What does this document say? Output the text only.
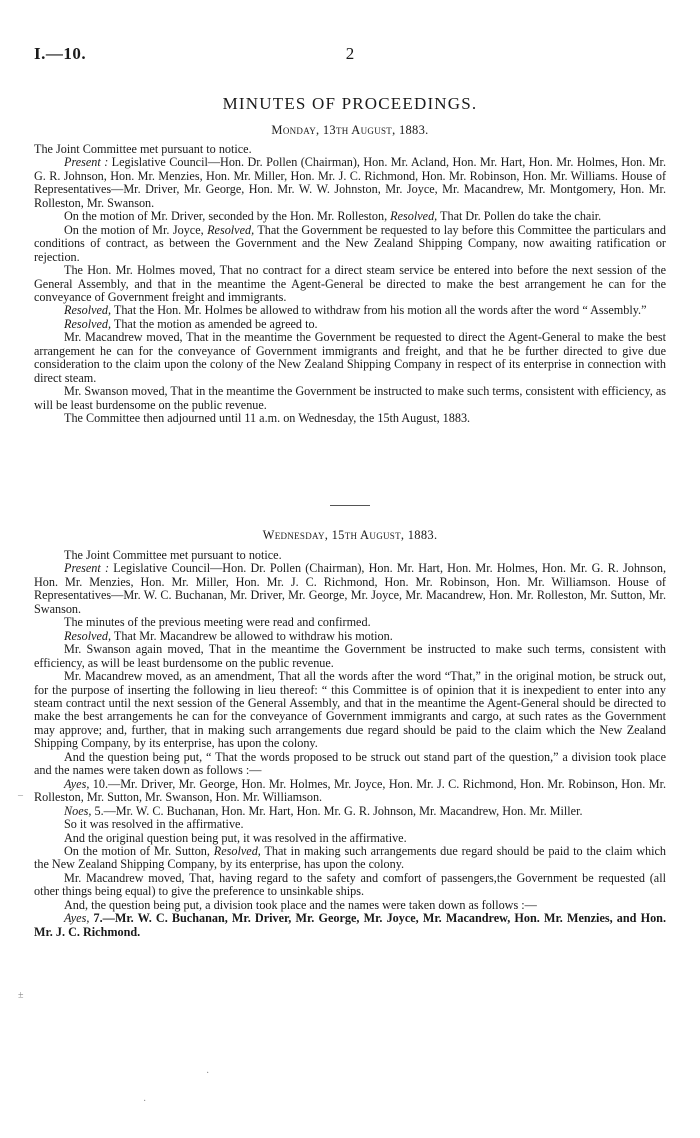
I.—10.	2
MINUTES OF PROCEEDINGS.
Monday, 13th August, 1883.

The Joint Committee met pursuant to notice.

Present : Legislative Council—Hon. Dr. Pollen (Chairman), Hon. Mr. Acland, Hon. Mr. Hart, Hon. Mr. Holmes, Hon. Mr. G. R. Johnson, Hon. Mr. Menzies, Hon. Mr. Miller, Hon. Mr. J. C. Richmond, Hon. Mr. Robinson, Hon. Mr. Williams. House of Representatives—Mr. Driver, Mr. George, Hon. Mr. W. W. Johnston, Mr. Joyce, Mr. Macandrew, Mr. Montgomery, Hon. Mr. Rolleston, Mr. Swanson.

On the motion of Mr. Driver, seconded by the Hon. Mr. Rolleston, Resolved, That Dr. Pollen do take the chair.

On the motion of Mr. Joyce, Resolved, That the Government be requested to lay before this Committee the particulars and conditions of contract, as between the Government and the New Zealand Shipping Company, now awaiting ratification or rejection.

The Hon. Mr. Holmes moved, That no contract for a direct steam service be entered into before the next session of the General Assembly, and that in the meantime the Agent-General be directed to make the best arrangement he can for the conveyance of Government freight and immigrants.

Resolved, That the Hon. Mr. Holmes be allowed to withdraw from his motion all the words after the word “ Assembly.”

Resolved, That the motion as amended be agreed to.

Mr. Macandrew moved, That in the meantime the Government be requested to direct the Agent-General to make the best arrangement he can for the conveyance of Government immigrants and freight, and that he be further directed to give due consideration to the claim upon the colony of the New Zealand Shipping Company in respect of its enterprise in connection with direct steam.

Mr. Swanson moved, That in the meantime the Government be instructed to make such terms, consistent with efficiency, as will be least burdensome on the public revenue.

The Committee then adjourned until 11 a.m. on Wednesday, the 15th August, 1883.

Wednesday, 15th August, 1883.

The Joint Committee met pursuant to notice.

Present : Legislative Council—Hon. Dr. Pollen (Chairman), Hon. Mr. Hart, Hon. Mr. Holmes, Hon. Mr. G. R. Johnson, Hon. Mr. Menzies, Hon. Mr. Miller, Hon. Mr. J. C. Richmond, Hon. Mr. Robinson, Hon. Mr. Williamson. House of Representatives—Mr. W. C. Buchanan, Mr. Driver, Mr. George, Mr. Joyce, Mr. Macandrew, Hon. Mr. Rolleston, Mr. Sutton, Mr. Swanson.

The minutes of the previous meeting were read and confirmed.

Resolved, That Mr. Macandrew be allowed to withdraw his motion.

Mr. Swanson again moved, That in the meantime the Government be instructed to make such terms, consistent with efficiency, as will be least burdensome on the public revenue.

Mr. Macandrew moved, as an amendment, That all the words after the word “That,” in the original motion, be struck out, for the purpose of inserting the following in lieu thereof: “ this Committee is of opinion that it is inexpedient to enter into any steam contract until the next session of the General Assembly, and that in the meantime the Agent-General should be directed to make the best arrangements he can for the conveyance of Government immigrants and cargo, at such rates as the Government may approve; and, further, that in making such arrangements due regard should be paid to the claim which the New Zealand Shipping Company, by its enterprise, has upon the colony.

And the question being put, “ That the words proposed to be struck out stand part of the question,” a division took place and the names were taken down as follows :—

Ayes, 10.—Mr. Driver, Mr. George, Hon. Mr. Holmes, Mr. Joyce, Hon. Mr. J. C. Richmond, Hon. Mr. Robinson, Hon. Mr. Rolleston, Mr. Sutton, Mr. Swanson, Hon. Mr. Williamson.

Noes, 5.—Mr. W. C. Buchanan, Hon. Mr. Hart, Hon. Mr. G. R. Johnson, Mr. Macandrew, Hon. Mr. Miller.

So it was resolved in the affirmative.

And the original question being put, it was resolved in the affirmative.

On the motion of Mr. Sutton, Resolved, That in making such arrangements due regard should be paid to the claim which the New Zealand Shipping Company, by its enterprise, has upon the colony.

Mr. Macandrew moved, That, having regard to the safety and comfort of passengers,the Government be requested (all other things being equal) to give the preference to unsinkable ships.

And, the question being put, a division took place and the names were taken down as follows :—

Ayes, 7.—Mr. W. C. Buchanan, Mr. Driver, Mr. George, Mr. Joyce, Mr. Macandrew, Hon. Mr. Menzies, and Hon. Mr. J. C. Richmond.

–
±
·
·
